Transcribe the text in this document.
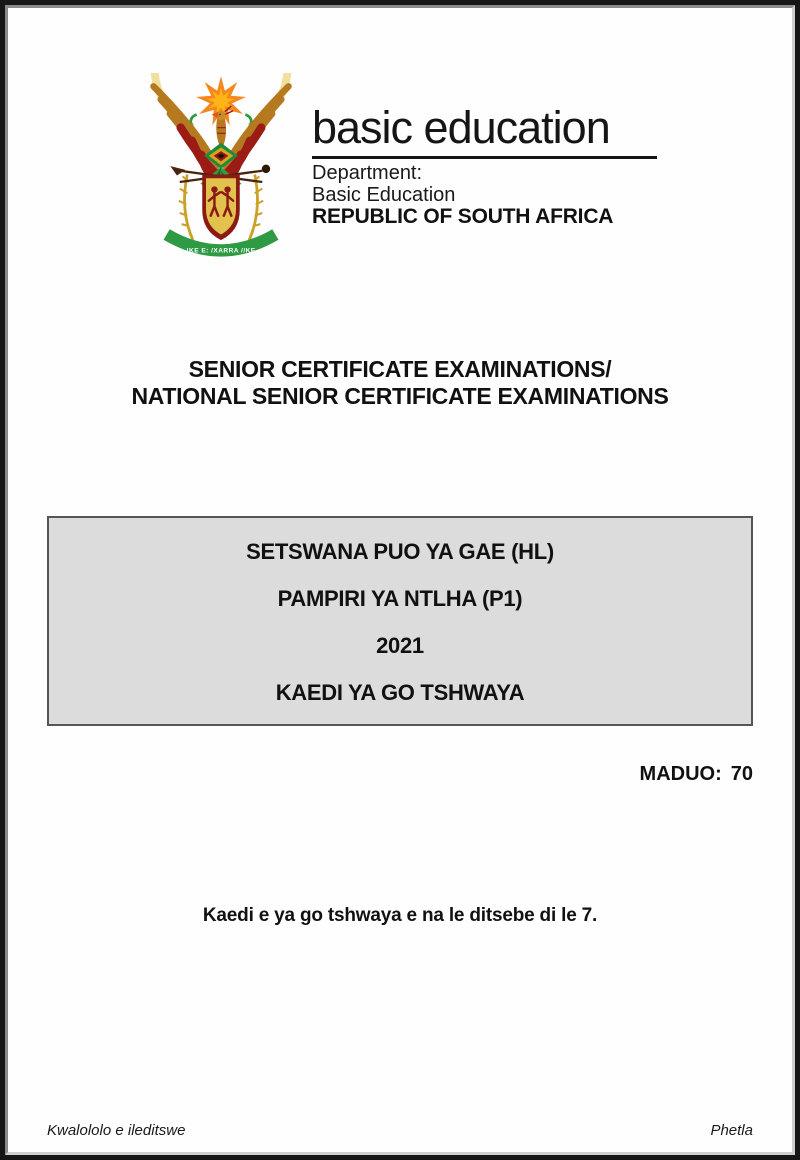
!KE E: /XARRA //KE
basic education
Department:
Basic Education
REPUBLIC OF SOUTH AFRICA
SENIOR CERTIFICATE EXAMINATIONS/
NATIONAL SENIOR CERTIFICATE EXAMINATIONS
SETSWANA PUO YA GAE (HL)
PAMPIRI YA NTLHA (P1)
2021
KAEDI YA GO TSHWAYA
MADUO: 70
Kaedi e ya go tshwaya e na le ditsebe di le 7.
Kwalololo e ileditswe	Phetla
